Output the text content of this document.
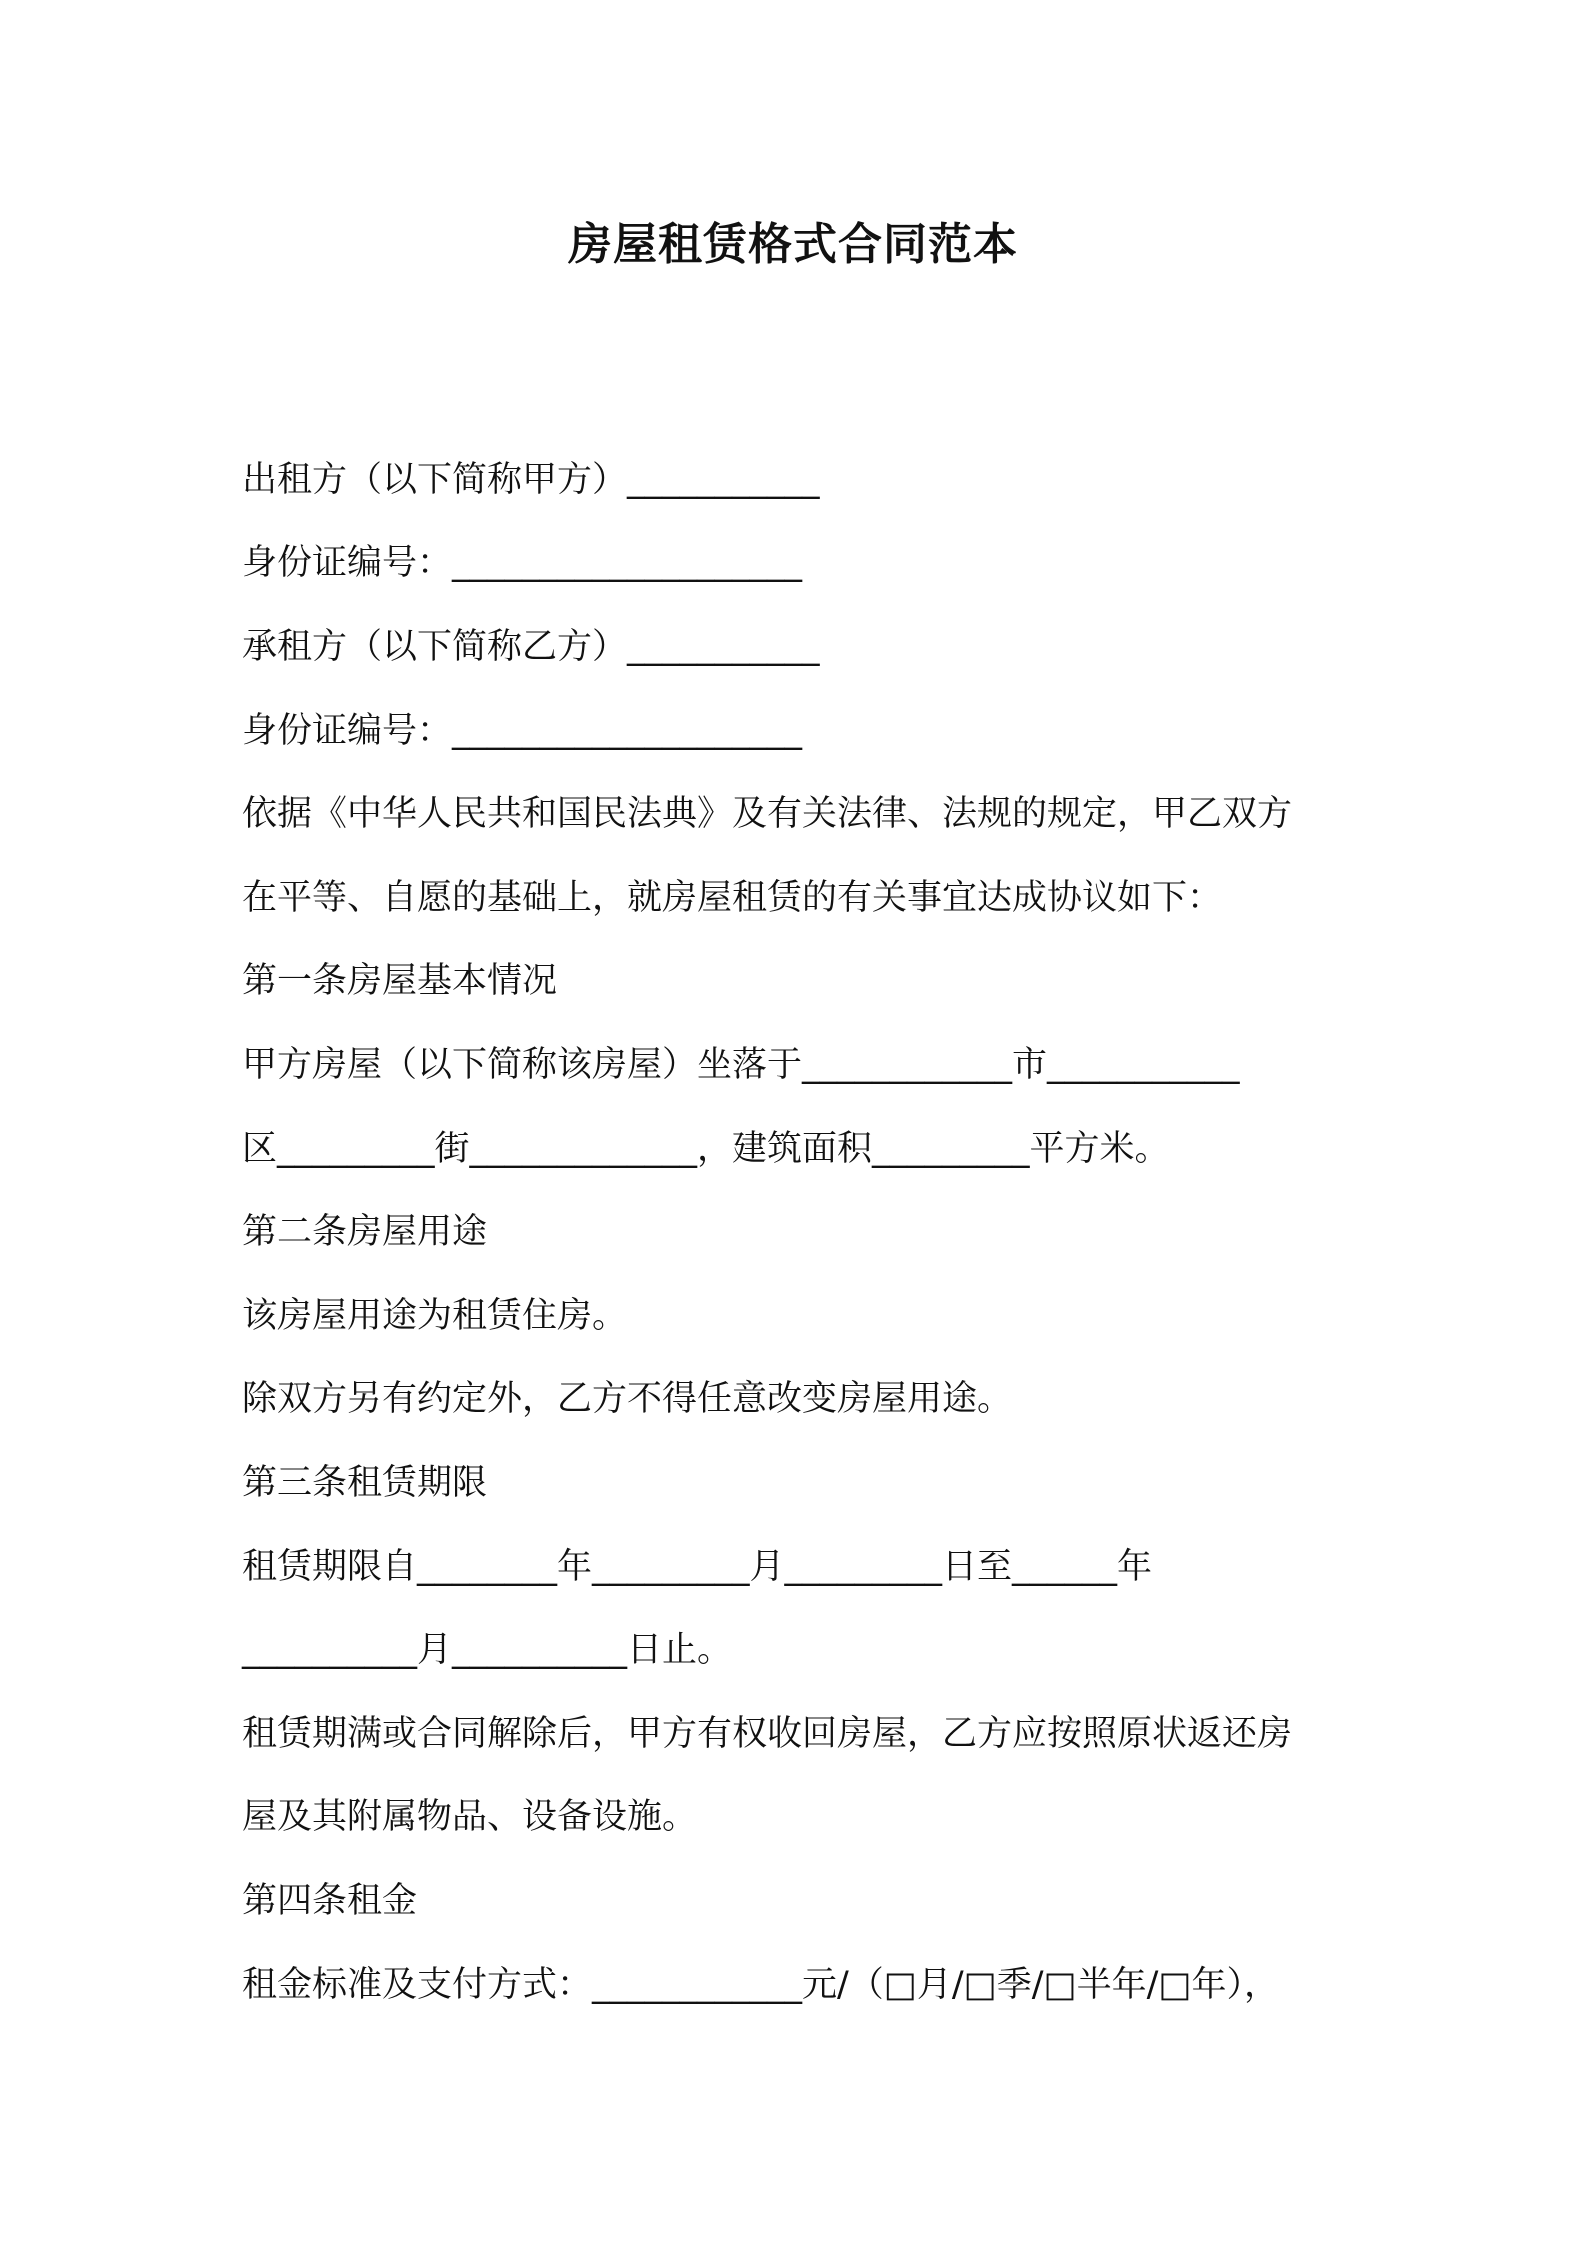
房屋租赁格式合同范本
出租方（以下简称甲方）___________
身份证编号：____________________
承租方（以下简称乙方）___________
身份证编号：____________________
依据《中华人民共和国民法典》及有关法律、法规的规定，甲乙双方
在平等、自愿的基础上，就房屋租赁的有关事宜达成协议如下：
第一条房屋基本情况
甲方房屋（以下简称该房屋）坐落于____________市___________
区_________街_____________，建筑面积_________平方米。
第二条房屋用途
该房屋用途为租赁住房。
除双方另有约定外，乙方不得任意改变房屋用途。
第三条租赁期限
租赁期限自________年_________月_________日至______年
__________月__________日止。
租赁期满或合同解除后，甲方有权收回房屋，乙方应按照原状返还房
屋及其附属物品、设备设施。
第四条租金
租金标准及支付方式：____________元/（□月/□季/□半年/□年），
